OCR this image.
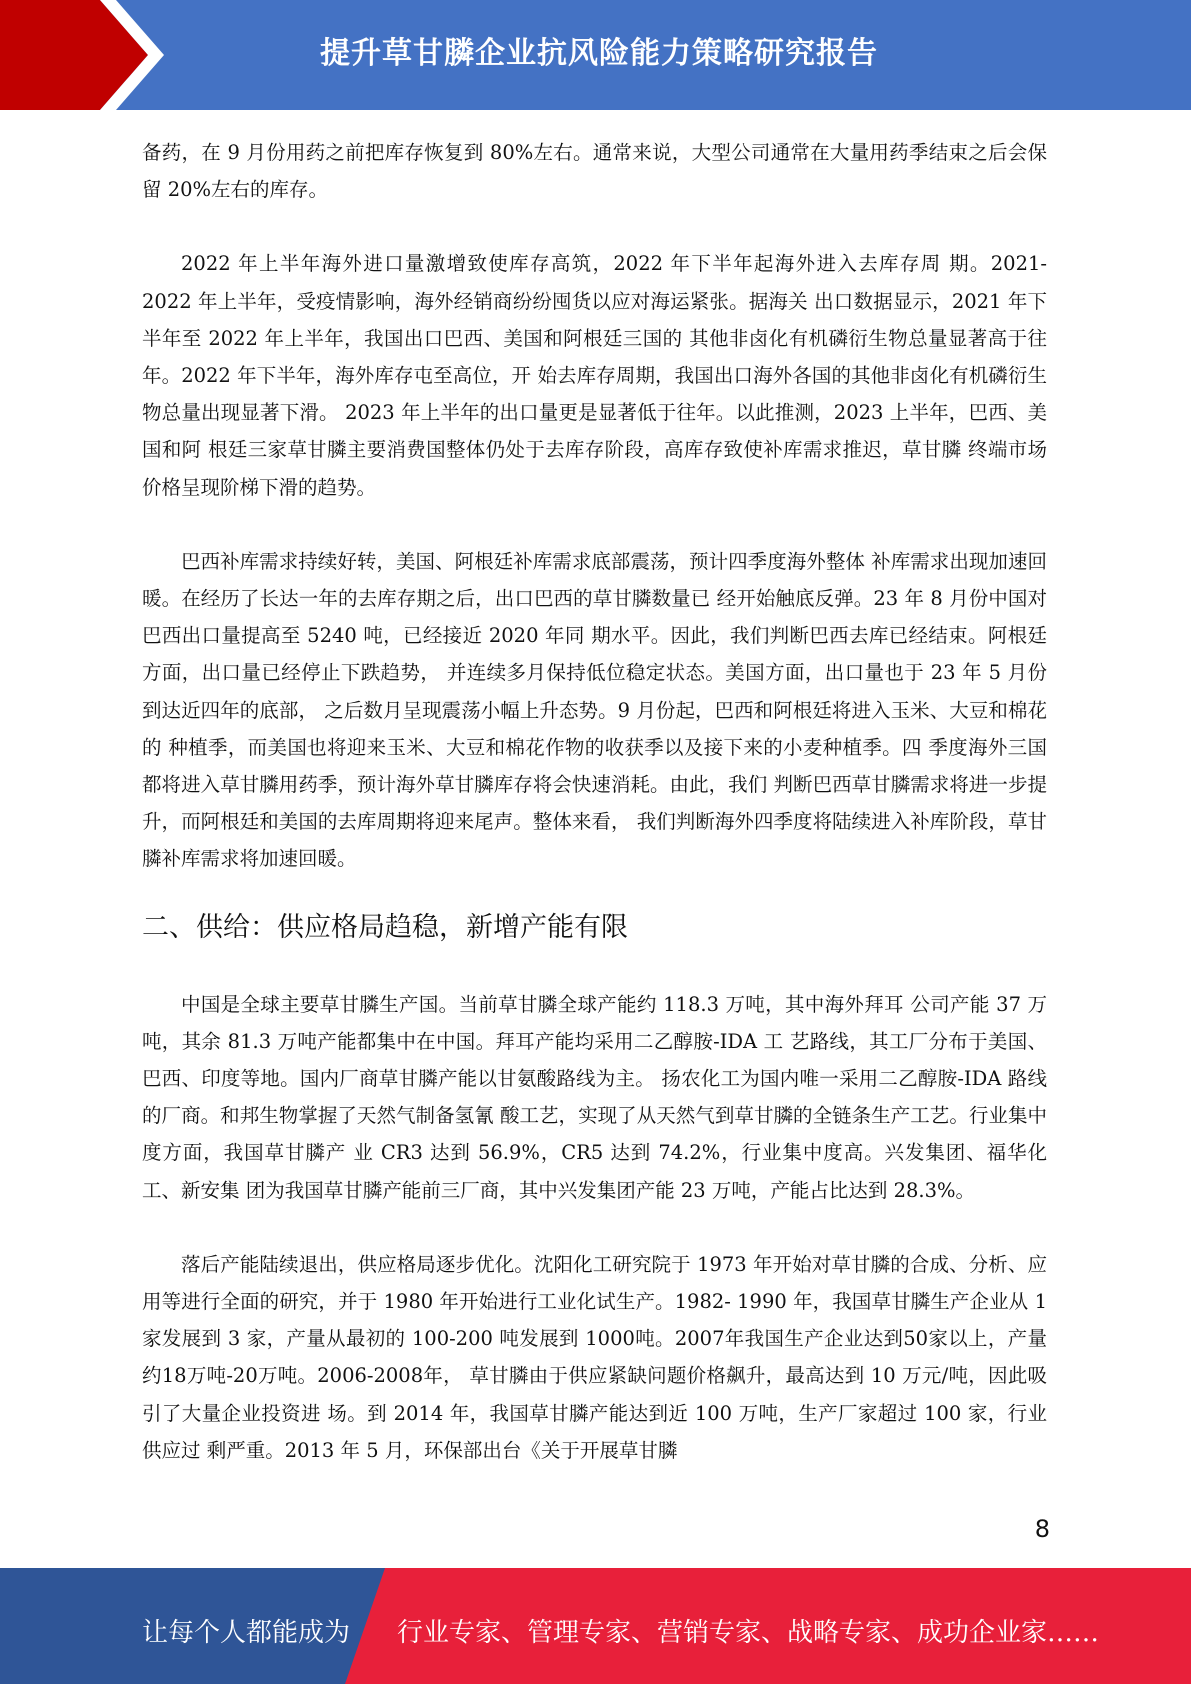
提升草甘膦企业抗风险能力策略研究报告

备药，在 9 月份用药之前把库存恢复到 80%左右。通常来说，大型公司通常在大量用药季结束之后会保留 20%左右的库存。

2022 年上半年海外进口量激增致使库存高筑，2022 年下半年起海外进入去库存周 期。2021-2022 年上半年，受疫情影响，海外经销商纷纷囤货以应对海运紧张。据海关 出口数据显示，2021 年下半年至 2022 年上半年，我国出口巴西、美国和阿根廷三国的 其他非卤化有机磷衍生物总量显著高于往年。2022 年下半年，海外库存屯至高位，开 始去库存周期，我国出口海外各国的其他非卤化有机磷衍生物总量出现显著下滑。 2023 年上半年的出口量更是显著低于往年。以此推测，2023 上半年，巴西、美国和阿 根廷三家草甘膦主要消费国整体仍处于去库存阶段，高库存致使补库需求推迟，草甘膦 终端市场价格呈现阶梯下滑的趋势。

巴西补库需求持续好转，美国、阿根廷补库需求底部震荡，预计四季度海外整体 补库需求出现加速回暖。在经历了长达一年的去库存期之后，出口巴西的草甘膦数量已 经开始触底反弹。23 年 8 月份中国对巴西出口量提高至 5240 吨，已经接近 2020 年同 期水平。因此，我们判断巴西去库已经结束。阿根廷方面，出口量已经停止下跌趋势， 并连续多月保持低位稳定状态。美国方面，出口量也于 23 年 5 月份到达近四年的底部， 之后数月呈现震荡小幅上升态势。9 月份起，巴西和阿根廷将进入玉米、大豆和棉花的 种植季，而美国也将迎来玉米、大豆和棉花作物的收获季以及接下来的小麦种植季。四 季度海外三国都将进入草甘膦用药季，预计海外草甘膦库存将会快速消耗。由此，我们 判断巴西草甘膦需求将进一步提升，而阿根廷和美国的去库周期将迎来尾声。整体来看， 我们判断海外四季度将陆续进入补库阶段，草甘膦补库需求将加速回暖。

二、供给：供应格局趋稳，新增产能有限

中国是全球主要草甘膦生产国。当前草甘膦全球产能约 118.3 万吨，其中海外拜耳 公司产能 37 万吨，其余 81.3 万吨产能都集中在中国。拜耳产能均采用二乙醇胺-IDA 工 艺路线，其工厂分布于美国、巴西、印度等地。国内厂商草甘膦产能以甘氨酸路线为主。 扬农化工为国内唯一采用二乙醇胺-IDA 路线的厂商。和邦生物掌握了天然气制备氢氰 酸工艺，实现了从天然气到草甘膦的全链条生产工艺。行业集中度方面，我国草甘膦产 业 CR3 达到 56.9%，CR5 达到 74.2%，行业集中度高。兴发集团、福华化工、新安集 团为我国草甘膦产能前三厂商，其中兴发集团产能 23 万吨，产能占比达到 28.3%。

落后产能陆续退出，供应格局逐步优化。沈阳化工研究院于 1973 年开始对草甘膦的合成、分析、应用等进行全面的研究，并于 1980 年开始进行工业化试生产。1982- 1990 年，我国草甘膦生产企业从 1 家发展到 3 家，产量从最初的 100-200 吨发展到 1000吨。2007年我国生产企业达到50家以上，产量约18万吨-20万吨。2006-2008年， 草甘膦由于供应紧缺问题价格飙升，最高达到 10 万元/吨，因此吸引了大量企业投资进 场。到 2014 年，我国草甘膦产能达到近 100 万吨，生产厂家超过 100 家，行业供应过 剩严重。2013 年 5 月，环保部出台《关于开展草甘膦

8
让每个人都能成为 行业专家、管理专家、营销专家、战略专家、成功企业家……
